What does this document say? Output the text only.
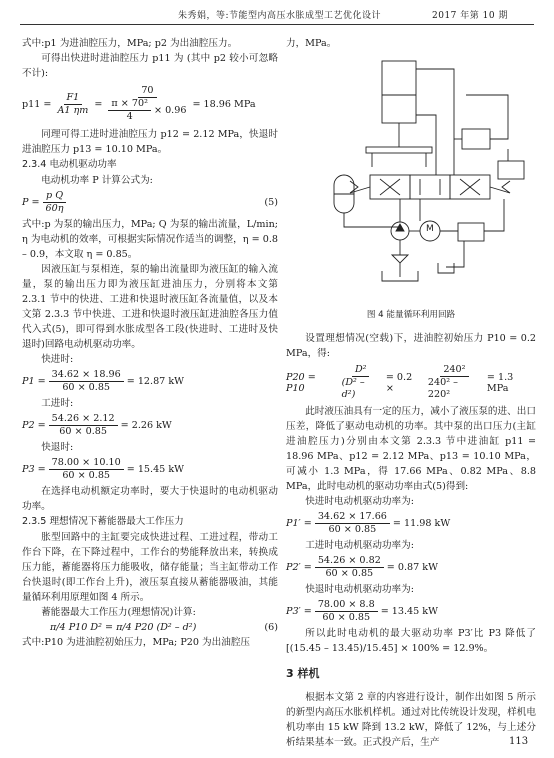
朱秀娟，等:节能型内高压水胀成型工艺优化设计	2017 年第 10 期

式中:p1 为进油腔压力，MPa; p2 为出油腔压力。

可得出快进时进油腔压力 p11 为 (其中 p2 较小可忽略不计):

$p11 = \frac{F1}{A1 \eta m} = \frac{70}{\frac{\text{π × 70²}}{4} \times 0.96} = 18.96$ MPa

同理可得工进时进油腔压力 p12 = 2.12 MPa，快退时进油腔压力 p13 = 10.10 MPa。

2.3.4 电动机驱动功率

电动机功率 P 计算公式为:

$P = \frac{\text{p Q}}{60\eta}$	(5)

式中:p 为泵的输出压力，MPa; Q 为泵的输出流量，L/min; η 为电动机的效率，可根据实际情况作适当的调整，η = 0.8 – 0.9，本文取 η = 0.85。

因液压缸与泵相连，泵的输出流量即为液压缸的输入流量，泵的输出压力即为液压缸进油压力，分别将本文第 2.3.1 节中的快进、工进和快退时液压缸各流量值，以及本文第 2.3.3 节中快进、工进和快退时液压缸进油腔各压力值代入式(5)，即可得到水胀成型各工段(快进时、工进时及快退时)回路电动机驱动功率。

快进时:

$P1 = \frac{34.62 \times 18.96}{60 \times 0.85} = 12.87$ kW

工进时:

$P2 = \frac{54.26 \times 2.12}{60 \times 0.85} = 2.26$ kW

快退时:

$P3 = \frac{78.00 \times 10.10}{60 \times 0.85} = 15.45$ kW

在选择电动机额定功率时，要大于快退时的电动机驱动功率。

2.3.5 理想情况下蓄能器最大工作压力

胀型回路中的主缸要完成快进过程、工进过程，带动工作台下降，在下降过程中，工作台的势能释放出来，转换成压力能，蓄能器将压力能吸收，储存能量；当主缸带动工作台快退时(即工作台上升)，液压泵直接从蓄能器吸油，其能量循环利用原理如图 4 所示。

蓄能器最大工作压力(理想情况)计算:

π/4 P10 D² = π/4 P20 (D² – d²)	(6)

式中:P10 为进油腔初始压力，MPa; P20 为出油腔压

力，MPa。

M
图 4 能量循环利用回路

设置理想情况(空载)下，进油腔初始压力 P10 = 0.2 MPa，得:

P20 = P10	$\frac{\text{D²}}{\text{(D² – d²)}} = 0.2$ ×	$\frac{\text{240²}}{\text{240² – 220²}} = 1.3$ MPa

此时液压油具有一定的压力，减小了液压泵的进、出口压差，降低了驱动电动机的功率。其中泵的出口压力(主缸进油腔压力)分别由本文第 2.3.3 节中进油缸 p11 = 18.96 MPa、p12 = 2.12 MPa、p13 = 10.10 MPa，可减小 1.3 MPa，得 17.66 MPa、0.82 MPa、8.8 MPa，此时电动机的驱动功率由式(5)得到:

快进时电动机驱动功率为:

$P1' = \frac{34.62 \times 17.66}{60 \times 0.85} = 11.98$ kW

工进时电动机驱动功率为:

$P2' = \frac{54.26 \times 0.82}{60 \times 0.85} = 0.87$ kW

快退时电动机驱动功率为:

$P3' = \frac{78.00 \times 8.8}{60 \times 0.85} = 13.45$ kW

所以此时电动机的最大驱动功率 P3′比 P3 降低了 [(15.45 – 13.45)/15.45] × 100% = 12.9%。

3 样机

根据本文第 2 章的内容进行设计，制作出如图 5 所示的新型内高压水胀机样机。通过对比传统设计发现，样机电机功率由 15 kW 降到 13.2 kW，降低了 12%，与上述分析结果基本一致。正式投产后，生产	113
